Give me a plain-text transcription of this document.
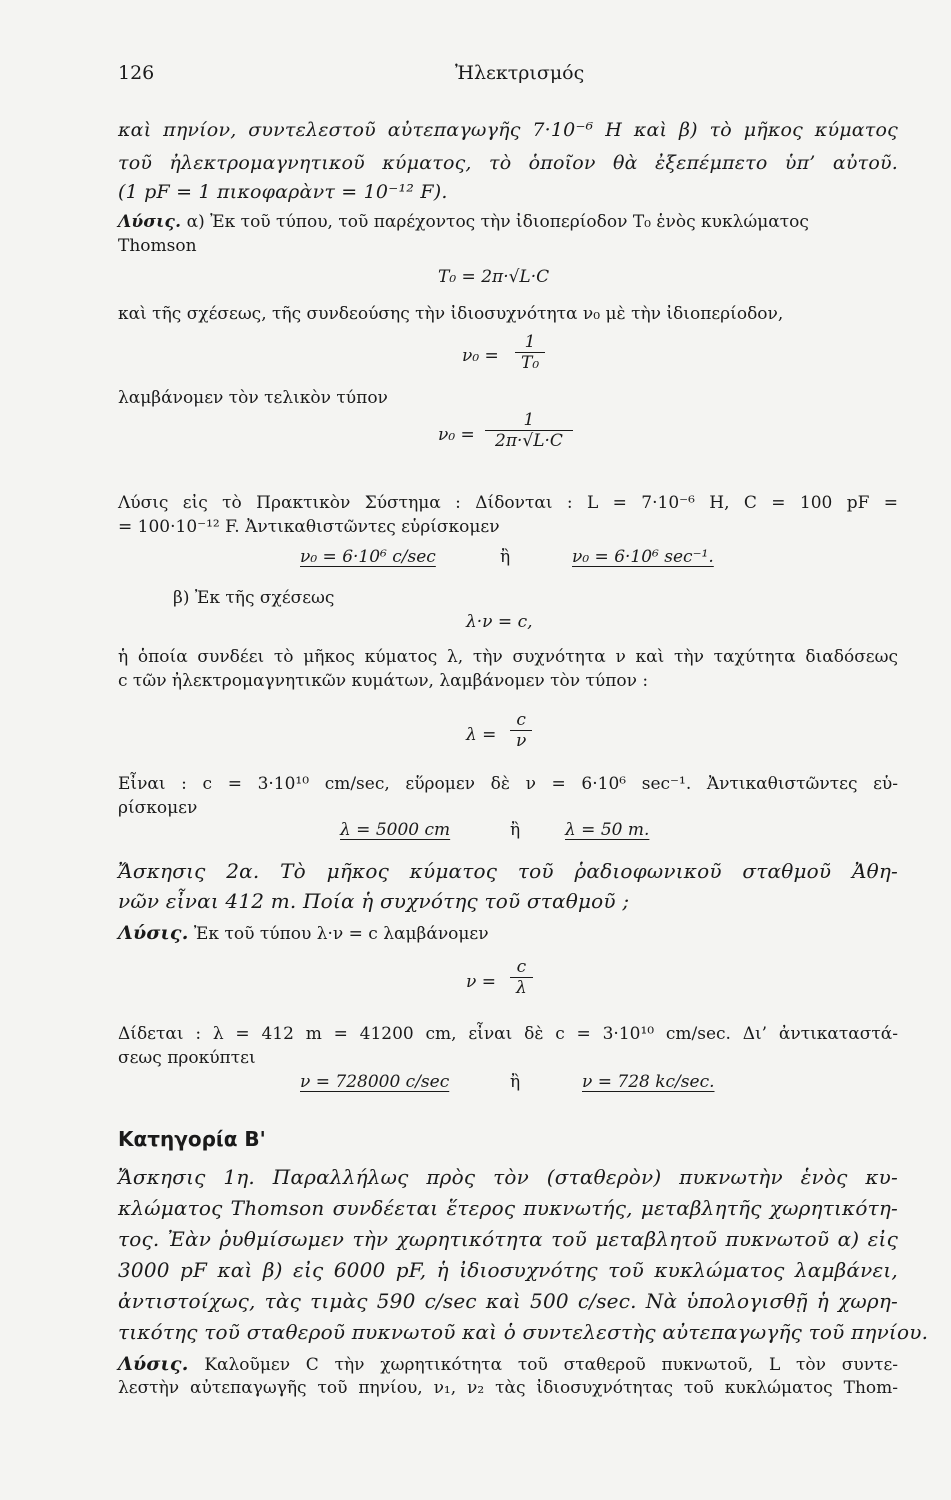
126	Ἠλεκτρισμός
καὶ πηνίον, συντελεστοῦ αὐτεπαγωγῆς 7·10⁻⁶ H καὶ β) τὸ μῆκος κύματος
τοῦ ἠλεκτρομαγνητικοῦ κύματος, τὸ ὁποῖον θὰ ἐξεπέμπετο ὑπ’ αὐτοῦ.
(1 pF = 1 πικοφαρὰντ = 10⁻¹² F).
Λύσις. α) Ἐκ τοῦ τύπου, τοῦ παρέχοντος τὴν ἰδιοπερίοδον T₀ ἑνὸς κυκλώματος
Thomson
T₀ = 2π·√L·C
καὶ τῆς σχέσεως, τῆς συνδεούσης τὴν ἰδιοσυχνότητα ν₀ μὲ τὴν ἰδιοπερίοδον,
$\nu_0 = \frac{1}{\text{T₀}}$
λαμβάνομεν τὸν τελικὸν τύπον
$\nu_0 = \frac{1}{2\pi\cdot√L\cdot C}$
Λύσις εἰς τὸ Πρακτικὸν Σύστημα : Δίδονται : L = 7·10⁻⁶ H, C = 100 pF =
= 100·10⁻¹² F. Ἀντικαθιστῶντες εὑρίσκομεν
ν₀ = 6·10⁶ c/sec	ἢ	ν₀ = 6·10⁶ sec⁻¹.
β) Ἐκ τῆς σχέσεως
λ·ν = c,
ἡ ὁποία συνδέει τὸ μῆκος κύματος λ, τὴν συχνότητα ν καὶ τὴν ταχύτητα διαδόσεως
c τῶν ἠλεκτρομαγνητικῶν κυμάτων, λαμβάνομεν τὸν τύπον :
$\lambda = \frac{c}{\nu}$
Εἶναι : c = 3·10¹⁰ cm/sec, εὕρομεν δὲ ν = 6·10⁶ sec⁻¹. Ἀντικαθιστῶντες εὑ-
ρίσκομεν
λ = 5000 cm	ἢ	λ = 50 m.
Ἄσκησις 2α. Τὸ μῆκος κύματος τοῦ ῥαδιοφωνικοῦ σταθμοῦ Ἀθη-
νῶν εἶναι 412 m. Ποία ἡ συχνότης τοῦ σταθμοῦ ;
Λύσις. Ἐκ τοῦ τύπου λ·ν = c λαμβάνομεν
$\nu = \frac{c}{\lambda}$
Δίδεται : λ = 412 m = 41200 cm, εἶναι δὲ c = 3·10¹⁰ cm/sec. Δι’ ἀντικαταστά-
σεως προκύπτει
ν = 728000 c/sec	ἢ	ν = 728 kc/sec.
Κατηγορία Β'
Ἄσκησις 1η. Παραλλήλως πρὸς τὸν (σταθερὸν) πυκνωτὴν ἑνὸς κυ-
κλώματος Thomson συνδέεται ἕτερος πυκνωτής, μεταβλητῆς χωρητικότη-
τος. Ἐὰν ῥυθμίσωμεν τὴν χωρητικότητα τοῦ μεταβλητοῦ πυκνωτοῦ α) εἰς
3000 pF καὶ β) εἰς 6000 pF, ἡ ἰδιοσυχνότης τοῦ κυκλώματος λαμβάνει,
ἀντιστοίχως, τὰς τιμὰς 590 c/sec καὶ 500 c/sec. Νὰ ὑπολογισθῇ ἡ χωρη-
τικότης τοῦ σταθεροῦ πυκνωτοῦ καὶ ὁ συντελεστὴς αὐτεπαγωγῆς τοῦ πηνίου.
Λύσις. Καλοῦμεν C τὴν χωρητικότητα τοῦ σταθεροῦ πυκνωτοῦ, L τὸν συντε-
λεστὴν αὐτεπαγωγῆς τοῦ πηνίου, ν₁, ν₂ τὰς ἰδιοσυχνότητας τοῦ κυκλώματος Thom-
